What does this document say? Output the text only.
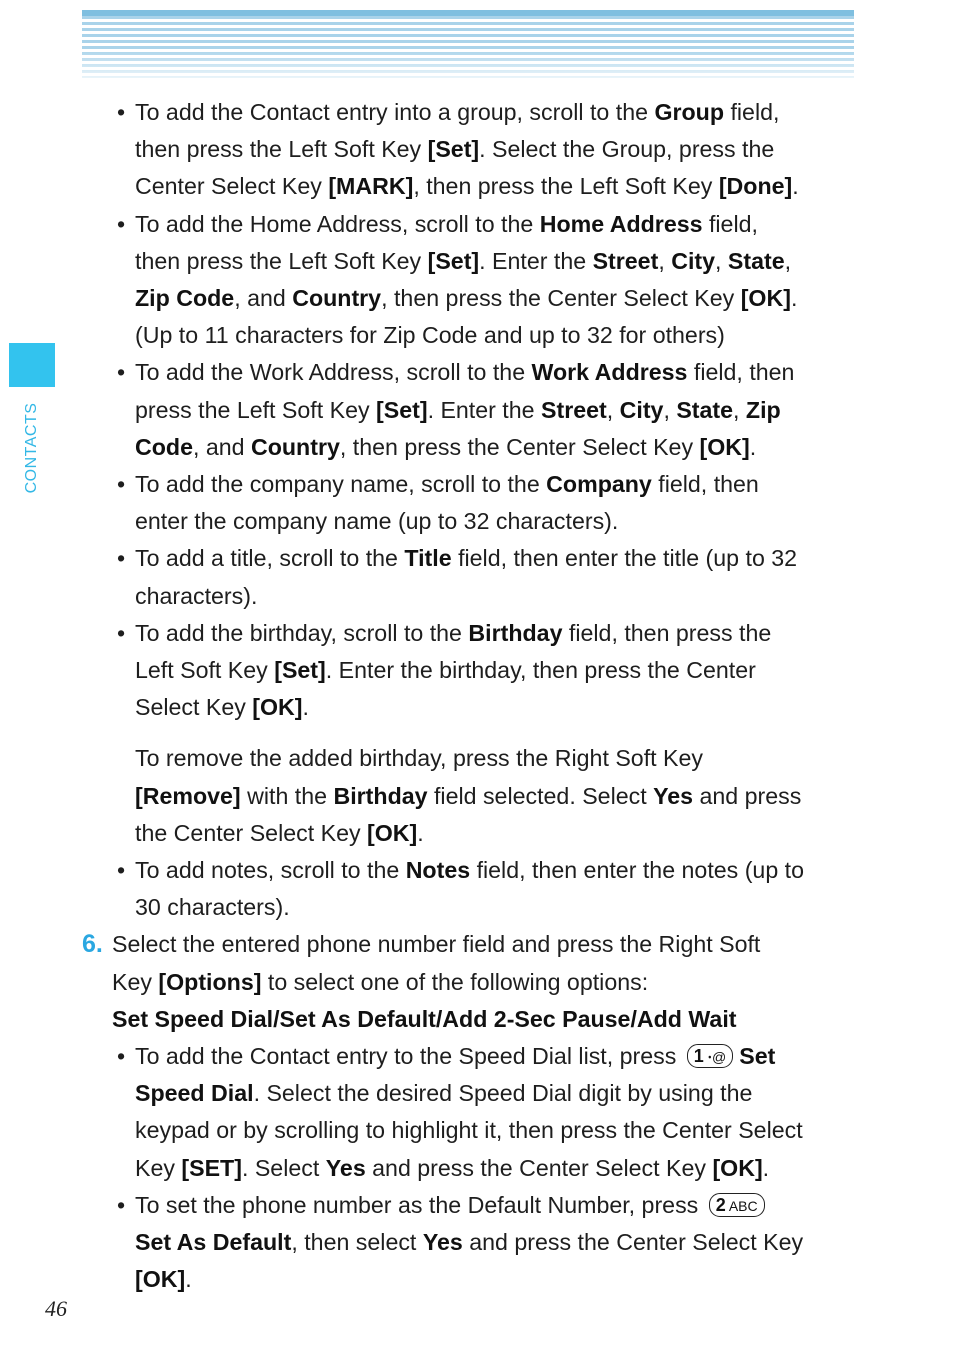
CONTACTS
• To add the Contact entry into a group, scroll to the Group field,
then press the Left Soft Key [Set]. Select the Group, press the
Center Select Key [MARK], then press the Left Soft Key [Done].
• To add the Home Address, scroll to the Home Address field,
then press the Left Soft Key [Set]. Enter the Street, City, State,
Zip Code, and Country, then press the Center Select Key [OK].
(Up to 11 characters for Zip Code and up to 32 for others)
• To add the Work Address, scroll to the Work Address field, then
press the Left Soft Key [Set]. Enter the Street, City, State, Zip
Code, and Country, then press the Center Select Key [OK].
• To add the company name, scroll to the Company field, then
enter the company name (up to 32 characters).
• To add a title, scroll to the Title field, then enter the title (up to 32
characters).
• To add the birthday, scroll to the Birthday field, then press the
Left Soft Key [Set]. Enter the birthday, then press the Center
Select Key [OK].
To remove the added birthday, press the Right Soft Key
[Remove] with the Birthday field selected. Select Yes and press
the Center Select Key [OK].
• To add notes, scroll to the Notes field, then enter the notes (up to
30 characters).
6. Select the entered phone number field and press the Right Soft
Key [Options] to select one of the following options:
Set Speed Dial/Set As Default/Add 2-Sec Pause/Add Wait
• To add the Contact entry to the Speed Dial list, press 1 ꞏ@ Set
Speed Dial. Select the desired Speed Dial digit by using the
keypad or by scrolling to highlight it, then press the Center Select
Key [SET]. Select Yes and press the Center Select Key [OK].
• To set the phone number as the Default Number, press 2 ABC
Set As Default, then select Yes and press the Center Select Key
[OK].
46
